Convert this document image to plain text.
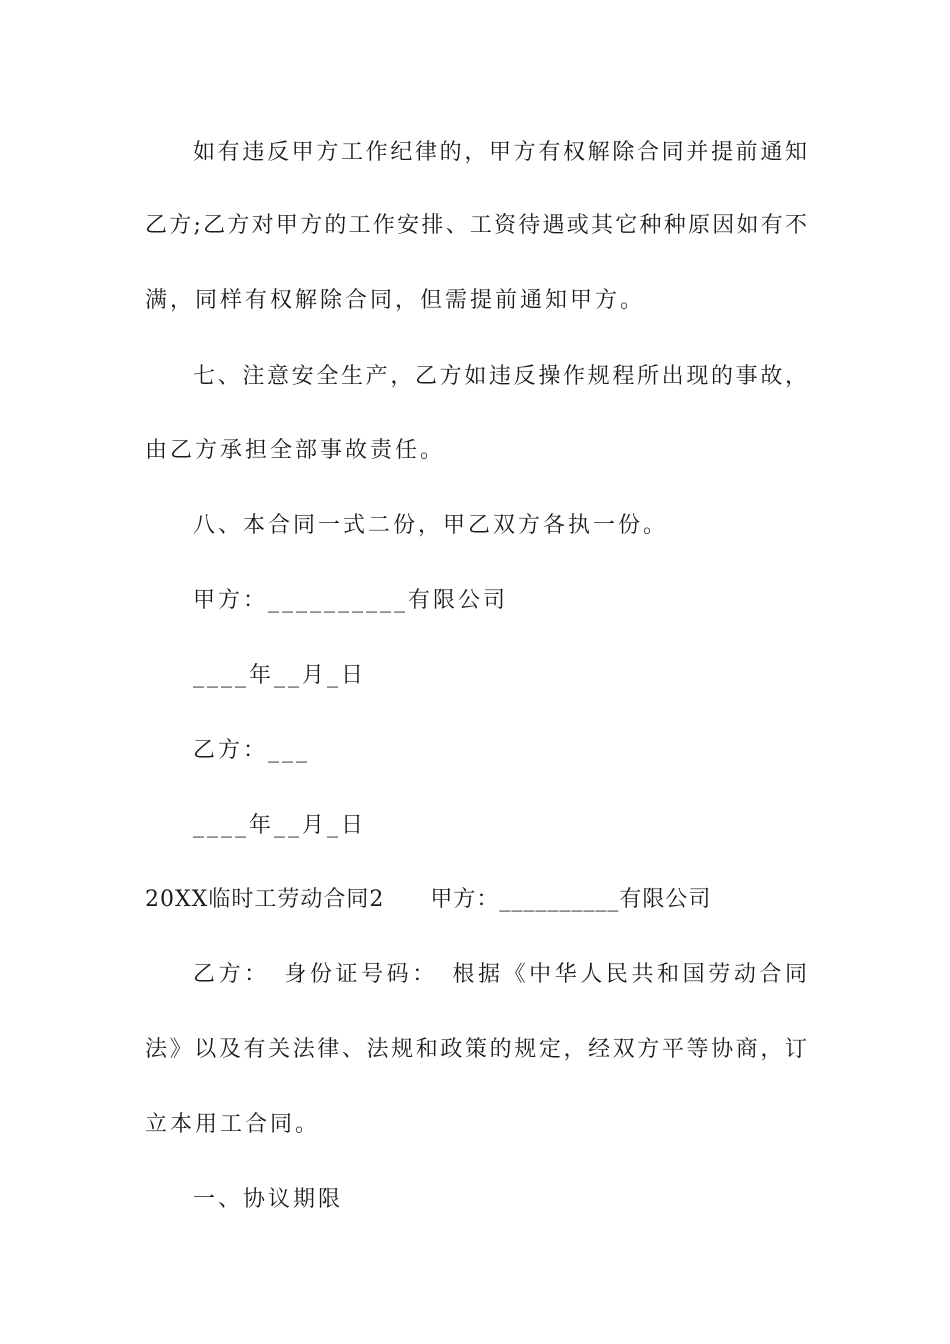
如有违反甲方工作纪律的，甲方有权解除合同并提前通知
乙方;乙方对甲方的工作安排、工资待遇或其它种种原因如有不
满，同样有权解除合同，但需提前通知甲方。
七、注意安全生产，乙方如违反操作规程所出现的事故，
由乙方承担全部事故责任。
八、本合同一式二份，甲乙双方各执一份。
甲方：__________有限公司
____年__月_日
乙方：___
____年__月_日
20XX临时工劳动合同2　　甲方：__________有限公司
乙方：　身份证号码：　根据《中华人民共和国劳动合同
法》以及有关法律、法规和政策的规定，经双方平等协商，订
立本用工合同。
一、协议期限
